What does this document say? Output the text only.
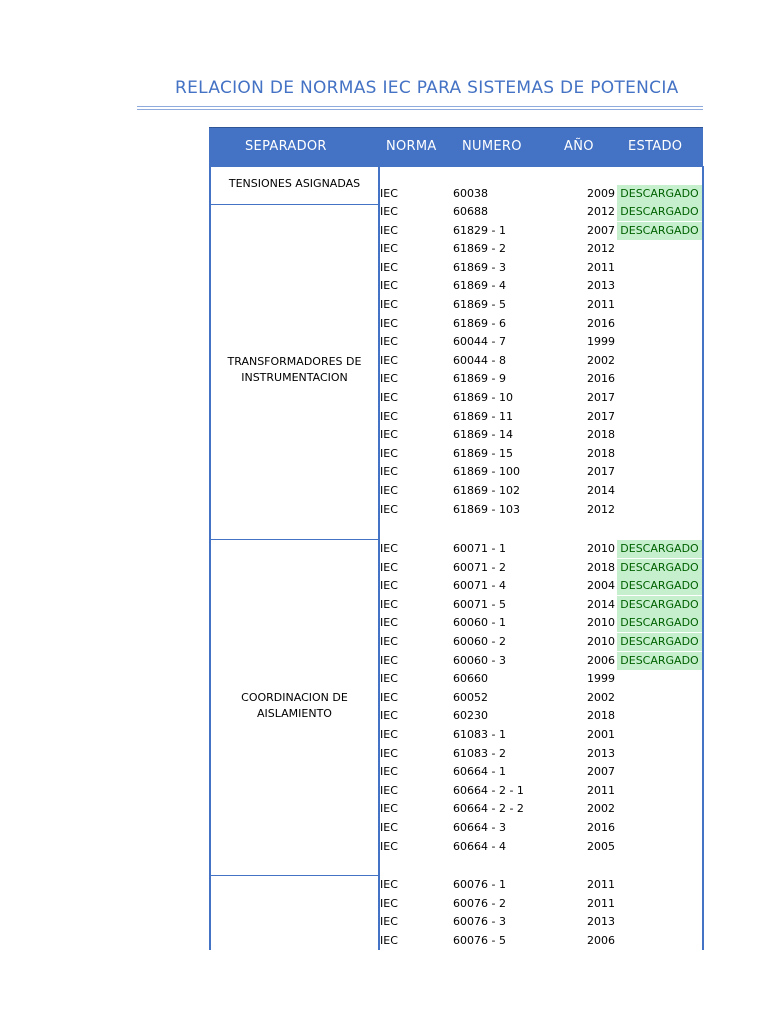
RELACION DE NORMAS IEC PARA SISTEMAS DE POTENCIA
SEPARADOR	NORMA NUMERO	AÑO	ESTADO
TENSIONES ASIGNADAS
IEC	60038	2009 DESCARGADO
TRANSFORMADORES DE
INSTRUMENTACION
IEC	60688	2012 DESCARGADO
IEC	61829 - 1	2007 DESCARGADO
IEC	61869 - 2	2012
IEC	61869 - 3	2011
IEC	61869 - 4	2013
IEC	61869 - 5	2011
IEC	61869 - 6	2016
IEC	60044 - 7	1999
IEC	60044 - 8	2002
IEC	61869 - 9	2016
IEC	61869 - 10	2017
IEC	61869 - 11	2017
IEC	61869 - 14	2018
IEC	61869 - 15	2018
IEC	61869 - 100	2017
IEC	61869 - 102	2014
IEC	61869 - 103	2012
COORDINACION DE
AISLAMIENTO
IEC	60071 - 1	2010 DESCARGADO
IEC	60071 - 2	2018 DESCARGADO
IEC	60071 - 4	2004 DESCARGADO
IEC	60071 - 5	2014 DESCARGADO
IEC	60060 - 1	2010 DESCARGADO
IEC	60060 - 2	2010 DESCARGADO
IEC	60060 - 3	2006 DESCARGADO
IEC	60660	1999
IEC	60052	2002
IEC	60230	2018
IEC	61083 - 1	2001
IEC	61083 - 2	2013
IEC	60664 - 1	2007
IEC	60664 - 2 - 1	2011
IEC	60664 - 2 - 2	2002
IEC	60664 - 3	2016
IEC	60664 - 4	2005
IEC	60076 - 1	2011
IEC	60076 - 2	2011
IEC	60076 - 3	2013
IEC	60076 - 5	2006
